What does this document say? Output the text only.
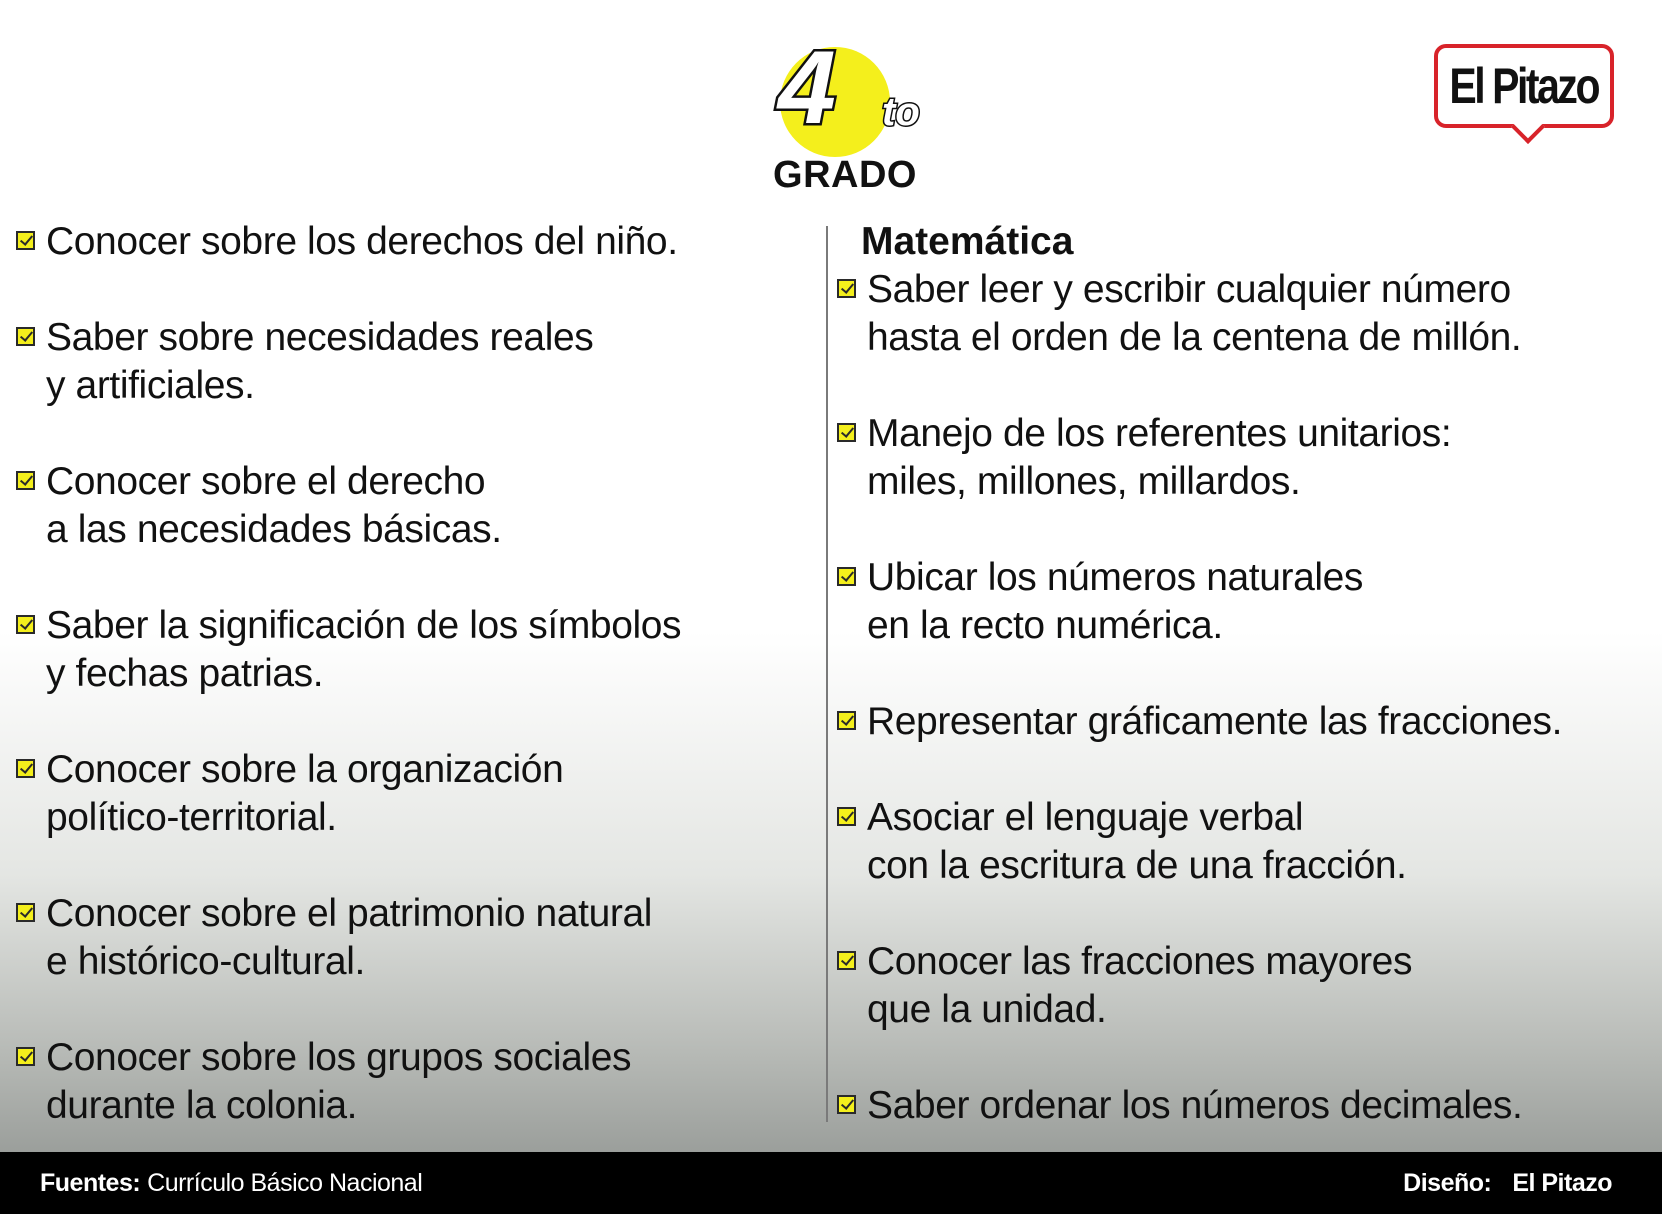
4 to
GRADO
El Pitazo
Conocer sobre los derechos del niño.
Saber sobre necesidades reales
y artificiales.
Conocer sobre el derecho
a las necesidades básicas.
Saber la significación de los símbolos
y fechas patrias.
Conocer sobre la organización
político-territorial.
Conocer sobre el patrimonio natural
e histórico-cultural.
Conocer sobre los grupos sociales
durante la colonia.
Matemática
Saber leer y escribir cualquier número
hasta el orden de la centena de millón.
Manejo de los referentes unitarios:
miles, millones, millardos.
Ubicar los números naturales
en la recto numérica.
Representar gráficamente las fracciones.
Asociar el lenguaje verbal
con la escritura de una fracción.
Conocer las fracciones mayores
que la unidad.
Saber ordenar los números decimales.
Fuentes: Currículo Básico Nacional	Diseño: El Pitazo
